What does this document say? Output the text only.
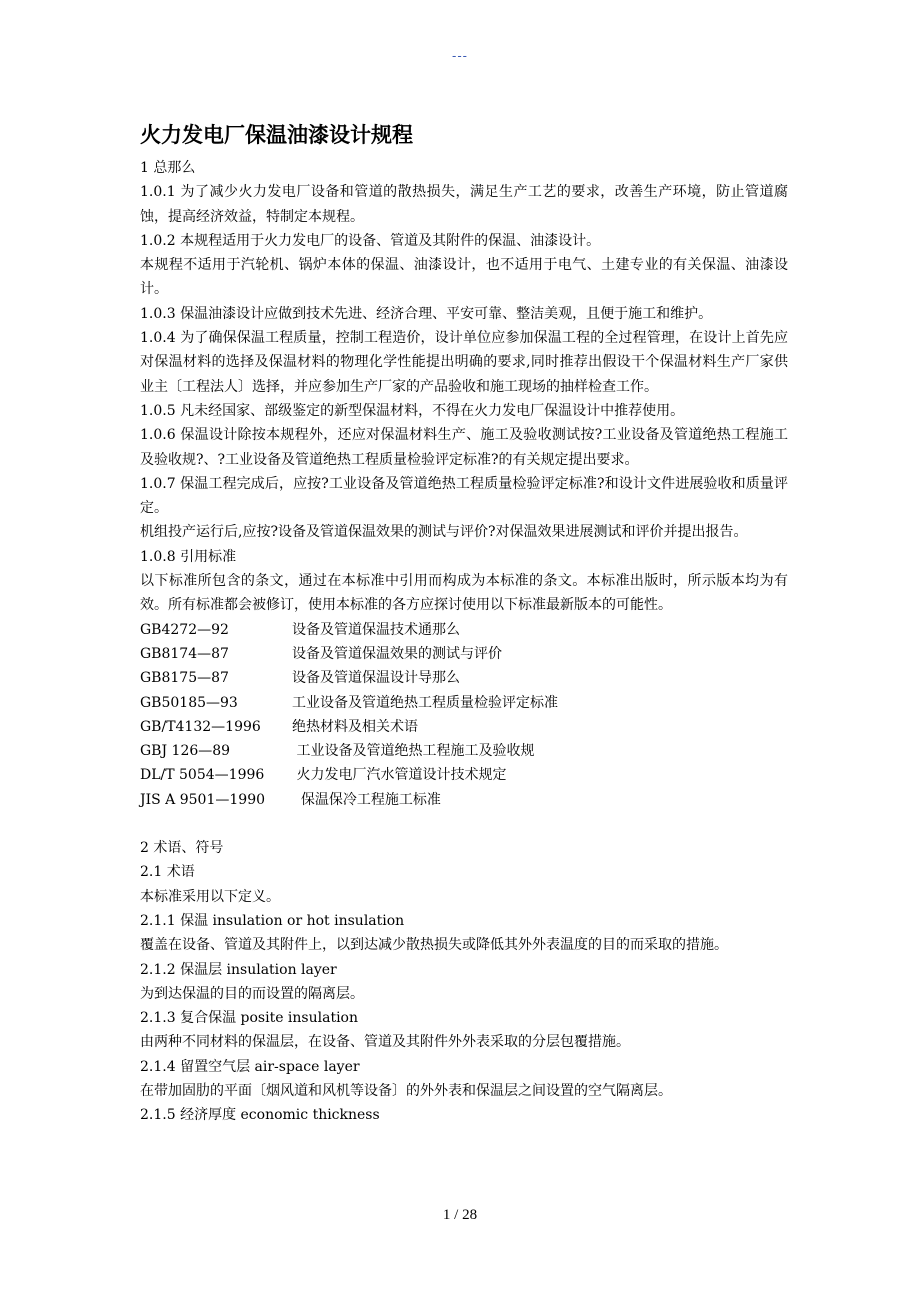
---
火力发电厂保温油漆设计规程

1 总那么

1.0.1 为了减少火力发电厂设备和管道的散热损失，满足生产工艺的要求，改善生产环境，防止管道腐蚀，提高经济效益，特制定本规程。

1.0.2 本规程适用于火力发电厂的设备、管道及其附件的保温、油漆设计。

本规程不适用于汽轮机、锅炉本体的保温、油漆设计，也不适用于电气、土建专业的有关保温、油漆设计。

1.0.3 保温油漆设计应做到技术先进、经济合理、平安可靠、整洁美观，且便于施工和维护。

1.0.4 为了确保保温工程质量，控制工程造价，设计单位应参加保温工程的全过程管理，在设计上首先应对保温材料的选择及保温材料的物理化学性能提出明确的要求,同时推荐出假设干个保温材料生产厂家供业主〔工程法人〕选择，并应参加生产厂家的产品验收和施工现场的抽样检查工作。

1.0.5 凡未经国家、部级鉴定的新型保温材料，不得在火力发电厂保温设计中推荐使用。

1.0.6 保温设计除按本规程外，还应对保温材料生产、施工及验收测试按?工业设备及管道绝热工程施工及验收规?、?工业设备及管道绝热工程质量检验评定标准?的有关规定提出要求。

1.0.7 保温工程完成后，应按?工业设备及管道绝热工程质量检验评定标准?和设计文件进展验收和质量评定。

机组投产运行后,应按?设备及管道保温效果的测试与评价?对保温效果进展测试和评价并提出报告。

1.0.8 引用标准

以下标准所包含的条文，通过在本标准中引用而构成为本标准的条文。本标准出版时，所示版本均为有效。所有标准都会被修订，使用本标准的各方应探讨使用以下标准最新版本的可能性。

GB4272—92	设备及管道保温技术通那么
GB8174—87	设备及管道保温效果的测试与评价
GB8175—87	设备及管道保温设计导那么
GB50185—93	工业设备及管道绝热工程质量检验评定标准
GB/T4132—1996	绝热材料及相关术语
GBJ 126—89	工业设备及管道绝热工程施工及验收规
DL/T 5054—1996	火力发电厂汽水管道设计技术规定
JIS A 9501—1990	保温保冷工程施工标准

2 术语、符号

2.1 术语

本标准采用以下定义。

2.1.1 保温 insulation or hot insulation

覆盖在设备、管道及其附件上，以到达减少散热损失或降低其外外表温度的目的而采取的措施。

2.1.2 保温层 insulation layer

为到达保温的目的而设置的隔离层。

2.1.3 复合保温 posite insulation

由两种不同材料的保温层，在设备、管道及其附件外外表采取的分层包覆措施。

2.1.4 留置空气层 air-space layer

在带加固肋的平面〔烟风道和风机等设备〕的外外表和保温层之间设置的空气隔离层。

2.1.5 经济厚度 economic thickness

1 / 28
